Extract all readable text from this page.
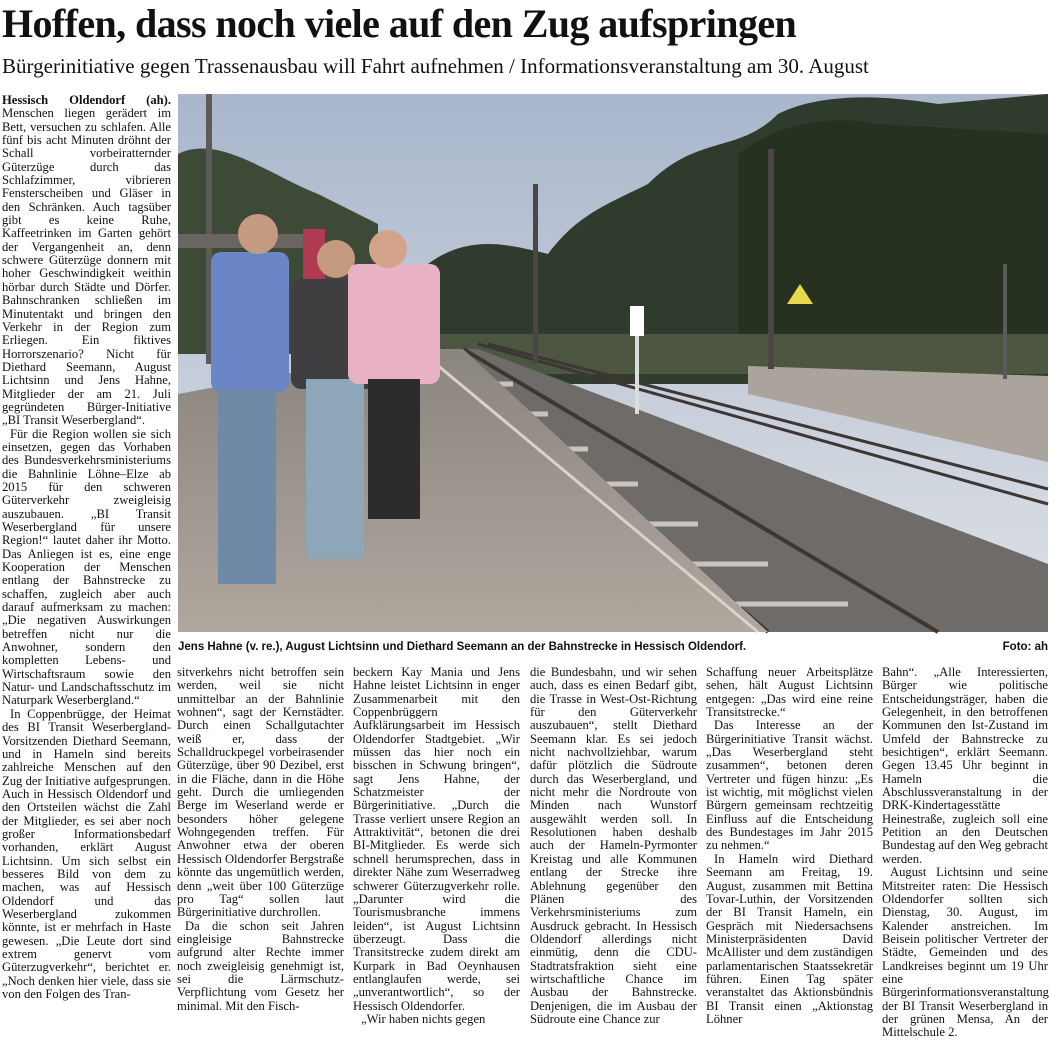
Hoffen, dass noch viele auf den Zug aufspringen
Bürgerinitiative gegen Trassenausbau will Fahrt aufnehmen / Informationsveranstaltung am 30. August

Hessisch Oldendorf (ah). Menschen liegen gerädert im Bett, versuchen zu schlafen. Alle fünf bis acht Minuten dröhnt der Schall vorbeiratternder Güterzüge durch das Schlafzimmer, vibrieren Fensterscheiben und Gläser in den Schränken. Auch tagsüber gibt es keine Ruhe, Kaffeetrinken im Garten gehört der Vergangenheit an, denn schwere Güterzüge donnern mit hoher Geschwindigkeit weithin hörbar durch Städte und Dörfer. Bahnschranken schließen im Minutentakt und bringen den Verkehr in der Region zum Erliegen. Ein fiktives Horrorszenario? Nicht für Diethard Seemann, August Lichtsinn und Jens Hahne, Mitglieder der am 21. Juli gegründeten Bürger-Initiative „BI Transit Weserbergland“.

Für die Region wollen sie sich einsetzen, gegen das Vorhaben des Bundesverkehrsministeriums die Bahnlinie Löhne–Elze ab 2015 für den schweren Güterverkehr zweigleisig auszubauen. „BI Transit Weserbergland für unsere Region!“ lautet daher ihr Motto. Das Anliegen ist es, eine enge Kooperation der Menschen entlang der Bahnstrecke zu schaffen, zugleich aber auch darauf aufmerksam zu machen: „Die negativen Auswirkungen betreffen nicht nur die Anwohner, sondern den kompletten Lebens- und Wirtschaftsraum sowie den Natur- und Landschaftsschutz im Naturpark Weserbergland.“

In Coppenbrügge, der Heimat des BI Transit Weserbergland-Vorsitzenden Diethard Seemann, und in Hameln sind bereits zahlreiche Menschen auf den Zug der Initiative aufgesprungen. Auch in Hessisch Oldendorf und den Ortsteilen wächst die Zahl der Mitglieder, es sei aber noch großer Informationsbedarf vorhanden, erklärt August Lichtsinn. Um sich selbst ein besseres Bild von dem zu machen, was auf Hessisch Oldendorf und das Weserbergland zukommen könnte, ist er mehrfach in Haste gewesen. „Die Leute dort sind extrem genervt vom Güterzugverkehr“, berichtet er. „Noch denken hier viele, dass sie von den Folgen des Tran-

Jens Hahne (v. re.), August Lichtsinn und Diethard Seemann an der Bahnstrecke in Hessisch Oldendorf.	Foto: ah

sitverkehrs nicht betroffen sein werden, weil sie nicht unmittelbar an der Bahnlinie wohnen“, sagt der Kernstädter. Durch einen Schallgutachter weiß er, dass der Schalldruckpegel vorbeirasender Güterzüge, über 90 Dezibel, erst in die Fläche, dann in die Höhe geht. Durch die umliegenden Berge im Weserland werde er besonders höher gelegene Wohngegenden treffen. Für Anwohner etwa der oberen Hessisch Oldendorfer Bergstraße könnte das ungemütlich werden, denn „weit über 100 Güterzüge pro Tag“ sollen laut Bürgerinitiative durchrollen.

Da die schon seit Jahren eingleisige Bahnstrecke aufgrund alter Rechte immer noch zweigleisig genehmigt ist, sei die Lärmschutz-Verpflichtung vom Gesetz her minimal. Mit den Fisch-

beckern Kay Mania und Jens Hahne leistet Lichtsinn in enger Zusammenarbeit mit den Coppenbrüggern Aufklärungsarbeit im Hessisch Oldendorfer Stadtgebiet. „Wir müssen das hier noch ein bisschen in Schwung bringen“, sagt Jens Hahne, der Schatzmeister der Bürgerinitiative. „Durch die Trasse verliert unsere Region an Attraktivität“, betonen die drei BI-Mitglieder. Es werde sich schnell herumsprechen, dass in direkter Nähe zum Weserradweg schwerer Güterzugverkehr rolle. „Darunter wird die Tourismusbranche immens leiden“, ist August Lichtsinn überzeugt. Dass die Transitstrecke zudem direkt am Kurpark in Bad Oeynhausen entlanglaufen werde, sei „unverantwortlich“, so der Hessisch Oldendorfer.

„Wir haben nichts gegen

die Bundesbahn, und wir sehen auch, dass es einen Bedarf gibt, die Trasse in West-Ost-Richtung für den Güterverkehr auszubauen“, stellt Diethard Seemann klar. Es sei jedoch nicht nachvollziehbar, warum dafür plötzlich die Südroute durch das Weserbergland, und nicht mehr die Nordroute von Minden nach Wunstorf ausgewählt werden soll. In Resolutionen haben deshalb auch der Hameln-Pyrmonter Kreistag und alle Kommunen entlang der Strecke ihre Ablehnung gegenüber den Plänen des Verkehrsministeriums zum Ausdruck gebracht. In Hessisch Oldendorf allerdings nicht einmütig, denn die CDU-Stadtratsfraktion sieht eine wirtschaftliche Chance im Ausbau der Bahnstrecke. Denjenigen, die im Ausbau der Südroute eine Chance zur

Schaffung neuer Arbeitsplätze sehen, hält August Lichtsinn entgegen: „Das wird eine reine Transitstrecke.“

Das Interesse an der Bürgerinitiative Transit wächst. „Das Weserbergland steht zusammen“, betonen deren Vertreter und fügen hinzu: „Es ist wichtig, mit möglichst vielen Bürgern gemeinsam rechtzeitig Einfluss auf die Entscheidung des Bundestages im Jahr 2015 zu nehmen.“

In Hameln wird Diethard Seemann am Freitag, 19. August, zusammen mit Bettina Tovar-Luthin, der Vorsitzenden der BI Transit Hameln, ein Gespräch mit Niedersachsens Ministerpräsidenten David McAllister und dem zuständigen parlamentarischen Staatssekretär führen. Einen Tag später veranstaltet das Aktionsbündnis BI Transit einen „Aktionstag Löhner

Bahn“. „Alle Interessierten, Bürger wie politische Entscheidungsträger, haben die Gelegenheit, in den betroffenen Kommunen den Ist-Zustand im Umfeld der Bahnstrecke zu besichtigen“, erklärt Seemann. Gegen 13.45 Uhr beginnt in Hameln die Abschlussveranstaltung in der DRK-Kindertagesstätte Heinestraße, zugleich soll eine Petition an den Deutschen Bundestag auf den Weg gebracht werden.

August Lichtsinn und seine Mitstreiter raten: Die Hessisch Oldendorfer sollten sich Dienstag, 30. August, im Kalender anstreichen. Im Beisein politischer Vertreter der Städte, Gemeinden und des Landkreises beginnt um 19 Uhr eine Bürgerinformationsveranstaltung der BI Transit Weserbergland in der grünen Mensa, An der Mittelschule 2.
